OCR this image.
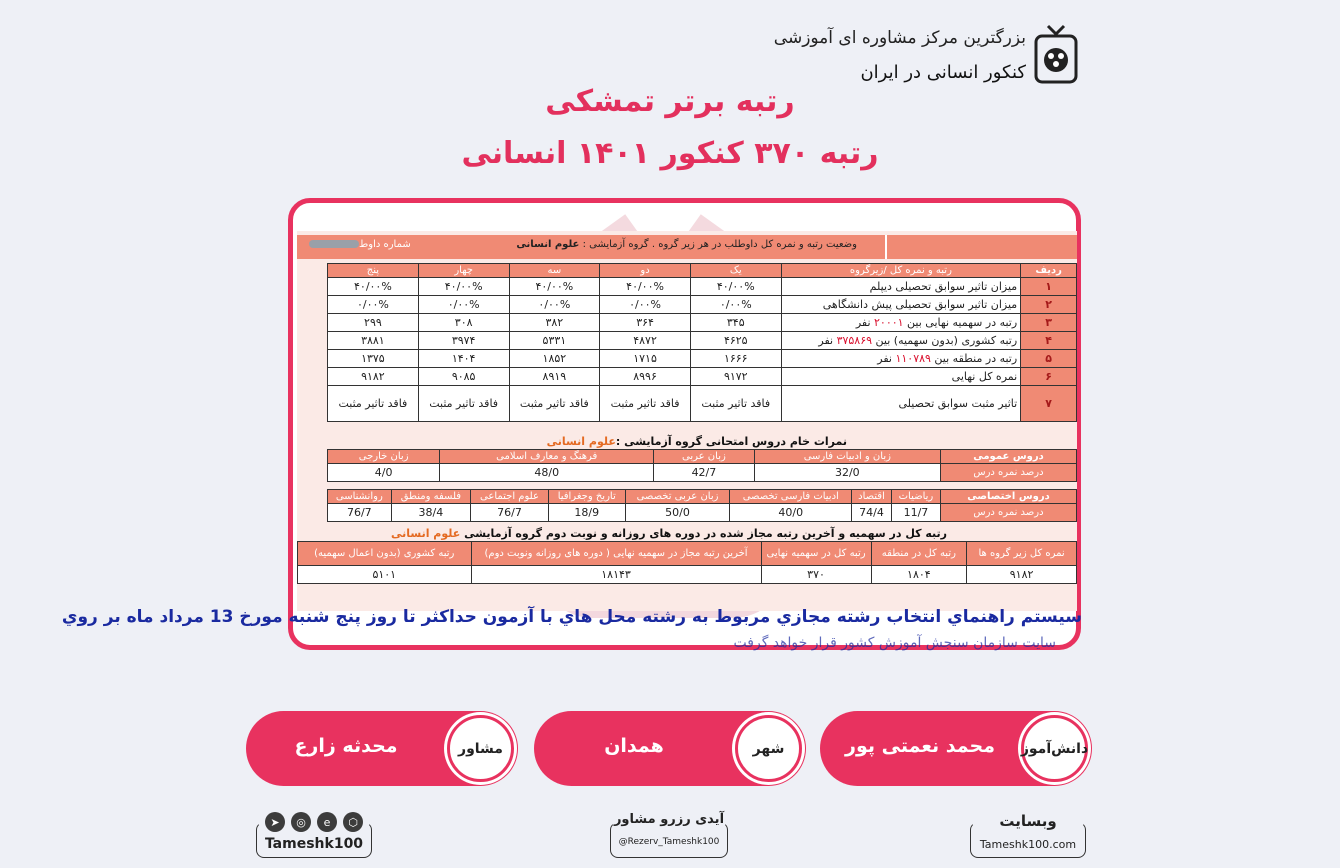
بزرگترین مرکز مشاوره ای آموزشی
کنکور انسانی در ایران
رتبه برتر تمشکی
رتبه ۳۷۰ کنکور ۱۴۰۱ انسانی
وضعیت رتبه و نمره کل داوطلب در هر زیر گروه . گروه آزمایشی : علوم انسانی
شماره داوط
ردیف	رتبه و نمره کل /زیرگروه	یک	دو	سه	چهار	پنج
۱	میزان تاثیر سوابق تحصیلی دیپلم	۴۰/۰۰%	۴۰/۰۰%	۴۰/۰۰%	۴۰/۰۰%	۴۰/۰۰%
۲	میزان تاثیر سوابق تحصیلی پیش دانشگاهی	۰/۰۰%	۰/۰۰%	۰/۰۰%	۰/۰۰%	۰/۰۰%
۳	رتبه در سهمیه نهایی بین ۲۰۰۰۱ نفر	۳۴۵	۳۶۴	۳۸۲	۳۰۸	۲۹۹
۴	رتبه کشوری (بدون سهمیه) بین ۳۷۵۸۶۹ نفر	۴۶۲۵	۴۸۷۲	۵۳۳۱	۳۹۷۴	۳۸۸۱
۵	رتبه در منطقه بین ۱۱۰۷۸۹ نفر	۱۶۶۶	۱۷۱۵	۱۸۵۲	۱۴۰۴	۱۳۷۵
۶	نمره کل نهایی	۹۱۷۲	۸۹۹۶	۸۹۱۹	۹۰۸۵	۹۱۸۲
۷	تاثیر مثبت سوابق تحصیلی	فاقد تاثیر مثبت	فاقد تاثیر مثبت	فاقد تاثیر مثبت	فاقد تاثیر مثبت	فاقد تاثیر مثبت
نمرات خام دروس امتحانی گروه آزمایشی :علوم انسانی
دروس عمومی	زبان و ادبیات فارسی	زبان عربی	فرهنگ و معارف اسلامی	زبان خارجی
درصد نمره درس	32/0	42/7	48/0	4/0
دروس اختصاصی	ریاضیات	اقتصاد	ادبیات فارسی تخصصی	زبان عربی تخصصی	تاریخ وجغرافیا	علوم اجتماعی	فلسفه ومنطق	روانشناسی
درصد نمره درس	11/7	74/4	40/0	50/0	18/9	76/7	38/4	76/7
رتبه کل در سهمیه و آخرین رتبه مجاز شده در دوره های روزانه و نوبت دوم گروه آزمایشی علوم انسانی
نمره کل زیر گروه ها	رتبه کل در منطقه	رتبه کل در سهمیه نهایی	آخرین رتبه مجاز در سهمیه نهایی ( دوره های روزانه ونوبت دوم)	رتبه کشوری (بدون اعمال سهمیه)
۹۱۸۲	۱۸۰۴	۳۷۰	۱۸۱۴۳	۵۱۰۱
سيستم راهنماي انتخاب رشته مجازي مربوط به رشته محل هاي با آزمون حداكثر تا روز پنج شنبه مورخ 13 مرداد ماه بر روي
سايت سازمان سنجش آموزش كشور قرار خواهد گرفت
دانش‌آموز
محمد نعمتی پور
شهر
همدان
مشاور
محدثه زارع
وبسایت
Tameshk100.com
آیدی رزرو مشاور
@Rezerv_Tameshk100
➤	◎	e	⬡
Tameshk100
